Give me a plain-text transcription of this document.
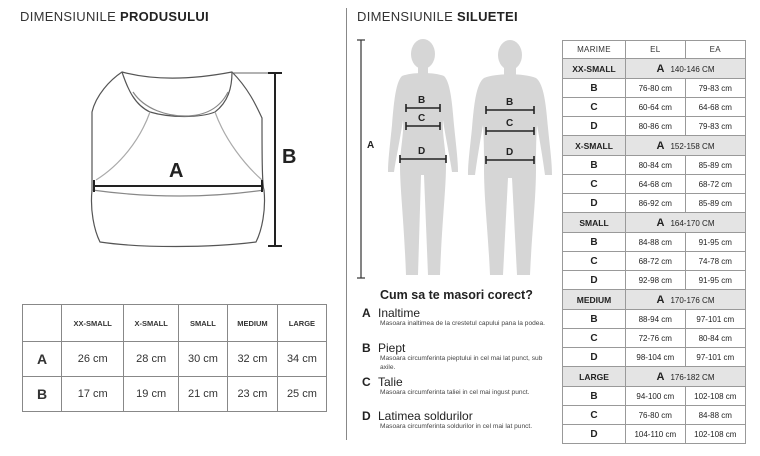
DIMENSIUNILE PRODUSULUI
A
B
	XX-SMALL	X-SMALL	SMALL	MEDIUM	LARGE
A	26 cm	28 cm	30 cm	32 cm	34 cm
B	17 cm	19 cm	21 cm	23 cm	25 cm
DIMENSIUNILE SILUETEI
A
B
C
D
B
C
D
Cum sa te masori corect?
A Inaltime
Masoara inaltimea de la crestetul capului pana la podea.
B Piept
Masoara circumferinta pieptului in cel mai lat punct, sub axile.
C Talie
Masoara circumferinta taliei in cel mai ingust punct.
D Latimea soldurilor
Masoara circumferinta soldurilor in cel mai lat punct.
MARIME	EL	EA
XX-SMALL	A 140-146 CM	
B	76-80 cm	79-83 cm
C	60-64 cm	64-68 cm
D	80-86 cm	79-83 cm
X-SMALL	A 152-158 CM	
B	80-84 cm	85-89 cm
C	64-68 cm	68-72 cm
D	86-92 cm	85-89 cm
SMALL	A 164-170 CM	
B	84-88 cm	91-95 cm
C	68-72 cm	74-78 cm
D	92-98 cm	91-95 cm
MEDIUM	A 170-176 CM	
B	88-94 cm	97-101 cm
C	72-76 cm	80-84 cm
D	98-104 cm	97-101 cm
LARGE	A 176-182 CM	
B	94-100 cm	102-108 cm
C	76-80 cm	84-88 cm
D	104-110 cm	102-108 cm
